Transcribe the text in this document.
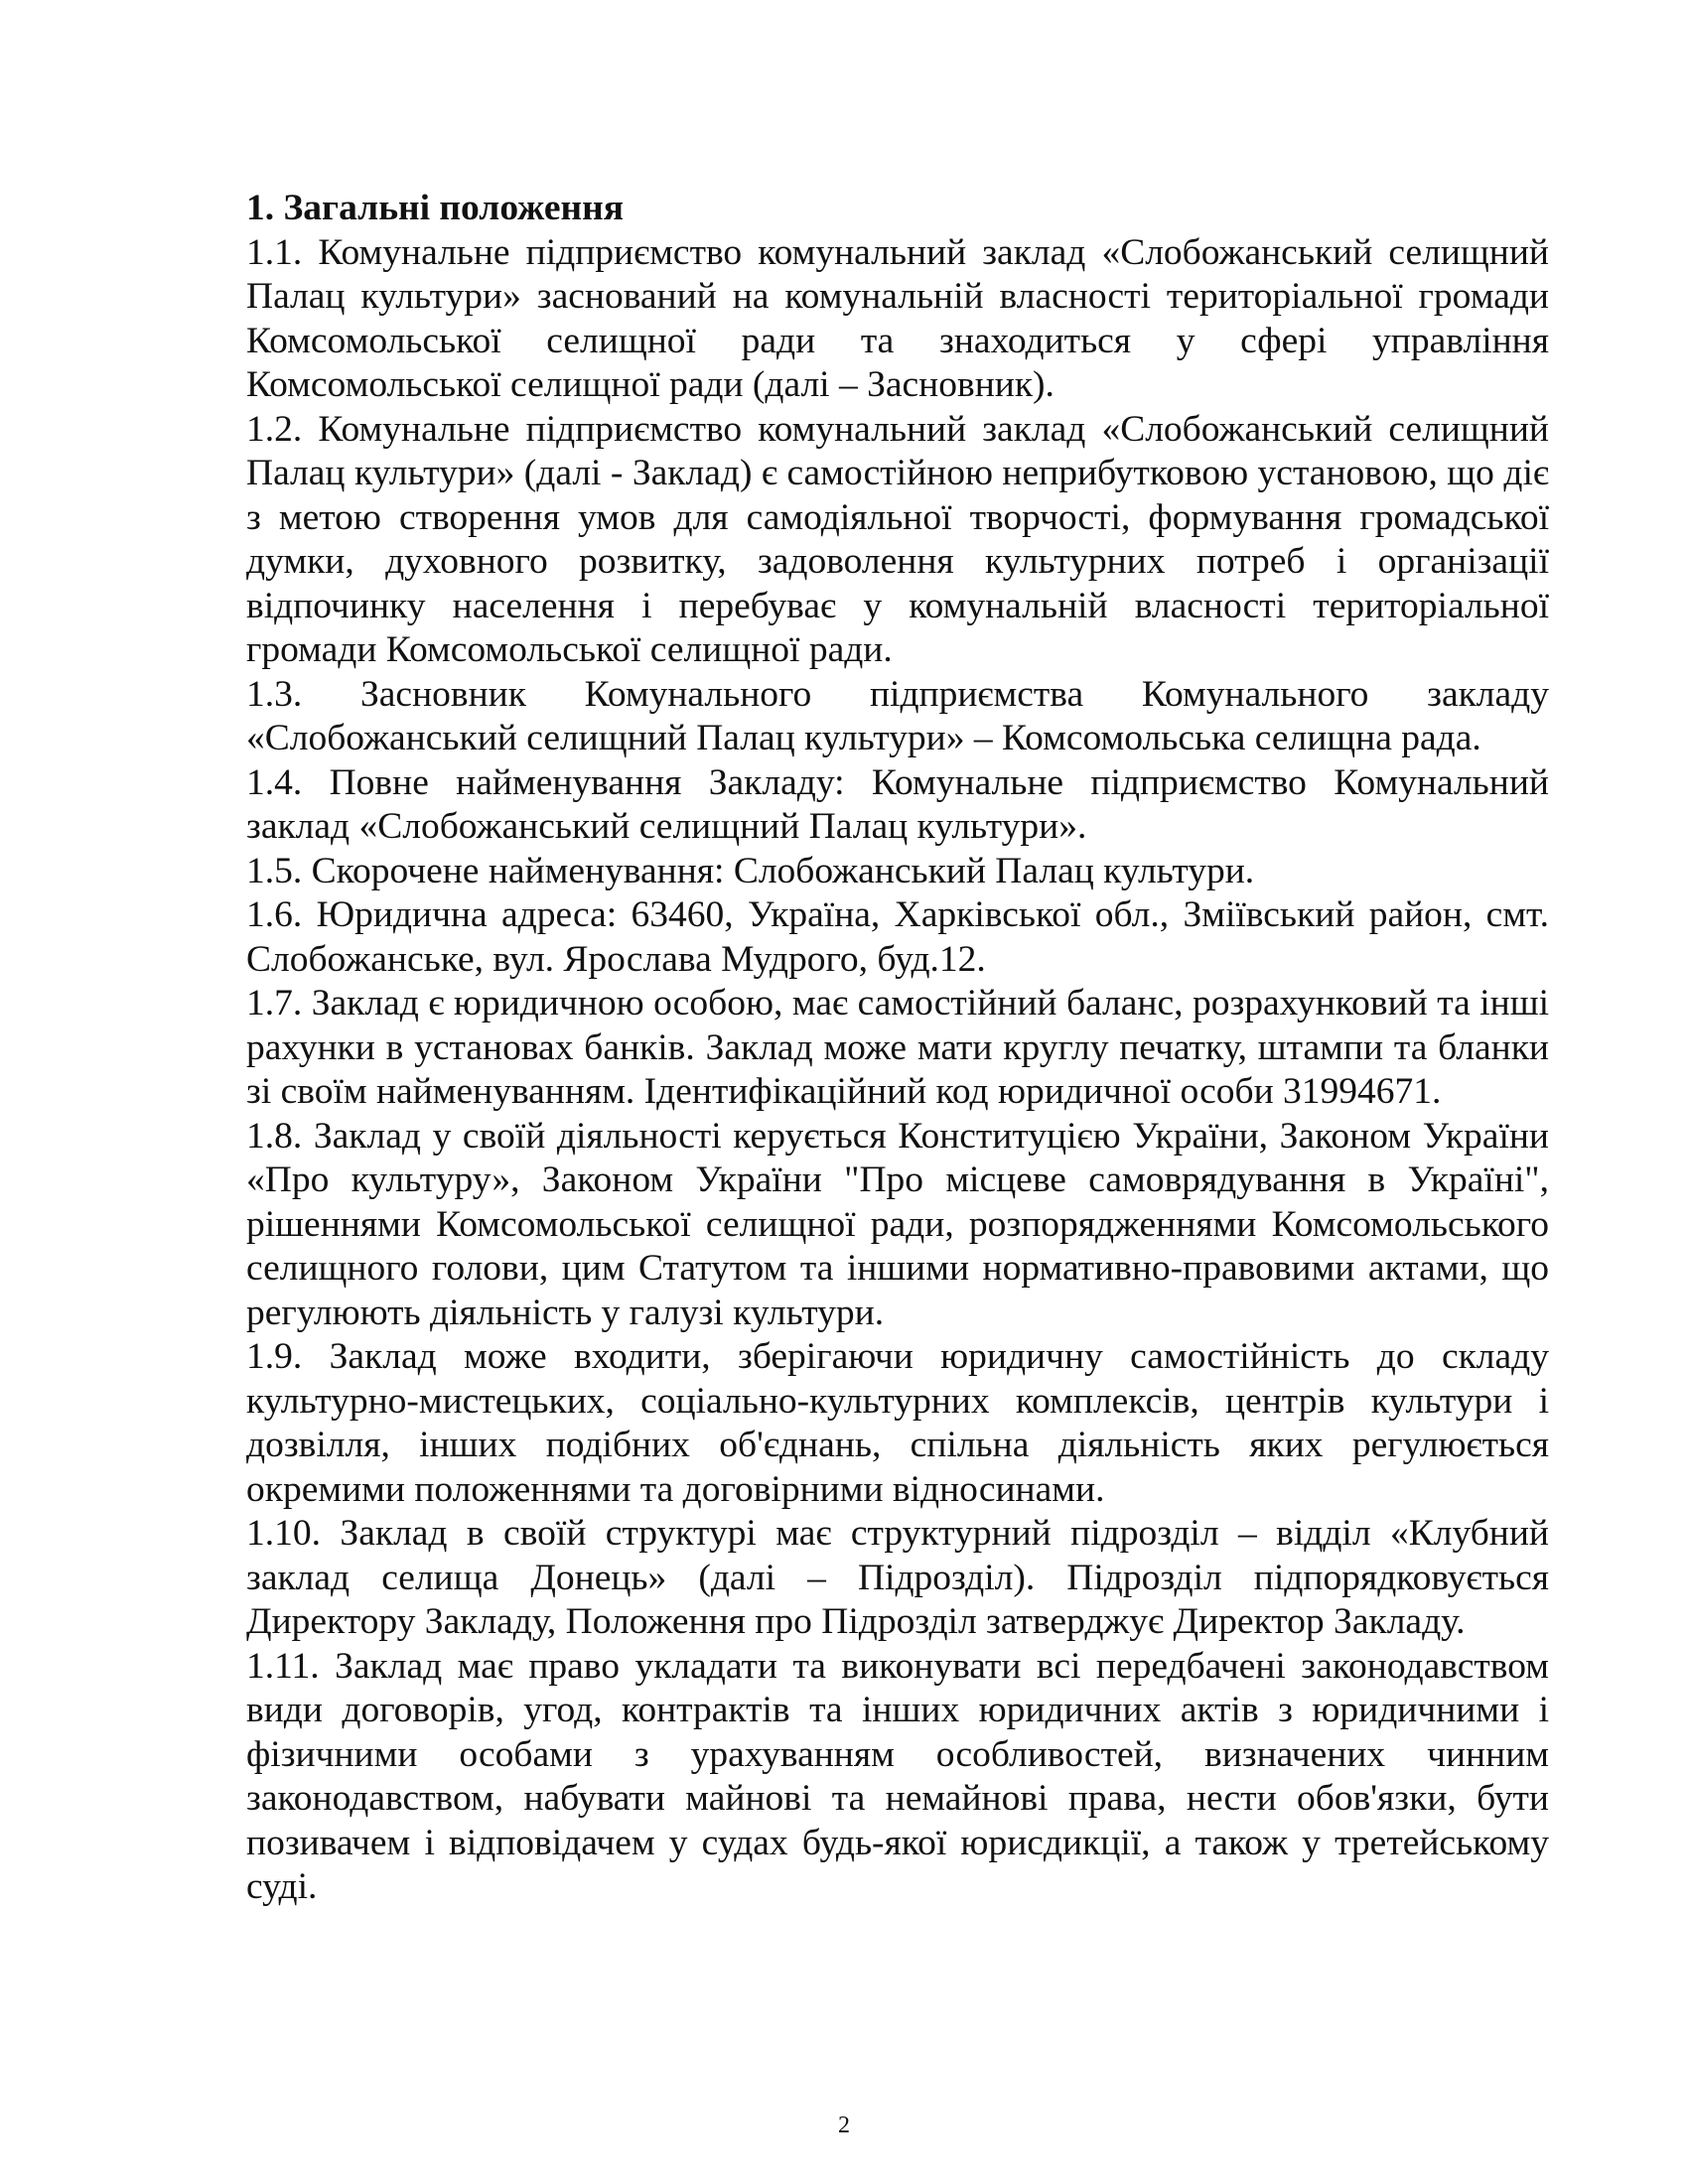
1. Загальні положення

1.1. Комунальне підприємство комунальний заклад «Слобожанський селищний Палац культури» заснований на комунальній власності територіальної громади Комсомольської селищної ради та знаходиться у сфері управління Комсомольської селищної ради (далі – Засновник).

1.2. Комунальне підприємство комунальний заклад «Слобожанський селищний Палац культури» (далі - Заклад) є самостійною неприбутковою установою, що діє з метою створення умов для самодіяльної творчості, формування громадської думки, духовного розвитку, задоволення культурних потреб і організації відпочинку населення і перебуває у комунальній власності територіальної громади Комсомольської селищної ради.

1.3. Засновник Комунального підприємства Комунального закладу «Слобожанський селищний Палац культури» – Комсомольська селищна рада.

1.4. Повне найменування Закладу: Комунальне підприємство Комунальний заклад «Слобожанський селищний Палац культури».

1.5. Скорочене найменування: Слобожанський Палац культури.

1.6. Юридична адреса: 63460, Україна, Харківської обл., Зміївський район, смт. Слобожанське, вул. Ярослава Мудрого, буд.12.

1.7. Заклад є юридичною особою, має самостійний баланс, розрахунковий та інші рахунки в установах банків. Заклад може мати круглу печатку, штампи та бланки зі своїм найменуванням. Ідентифікаційний код юридичної особи 31994671.

1.8. Заклад у своїй діяльності керується Конституцією України, Законом України «Про культуру», Законом України "Про місцеве самоврядування в Україні", рішеннями Комсомольської селищної ради, розпорядженнями Комсомольського селищного голови, цим Статутом та іншими нормативно-правовими актами, що регулюють діяльність у галузі культури.

1.9. Заклад може входити, зберігаючи юридичну самостійність до складу культурно-мистецьких, соціально-культурних комплексів, центрів культури і дозвілля, інших подібних об'єднань, спільна діяльність яких регулюється окремими положеннями та договірними відносинами.

1.10. Заклад в своїй структурі має структурний підрозділ – відділ «Клубний заклад селища Донець» (далі – Підрозділ). Підрозділ підпорядковується Директору Закладу, Положення про Підрозділ затверджує Директор Закладу.

1.11. Заклад має право укладати та виконувати всі передбачені законодавством види договорів, угод, контрактів та інших юридичних актів з юридичними і фізичними особами з урахуванням особливостей, визначених чинним законодавством, набувати майнові та немайнові права, нести обов'язки, бути позивачем і відповідачем у судах будь-якої юрисдикції, а також у третейському суді.

2
